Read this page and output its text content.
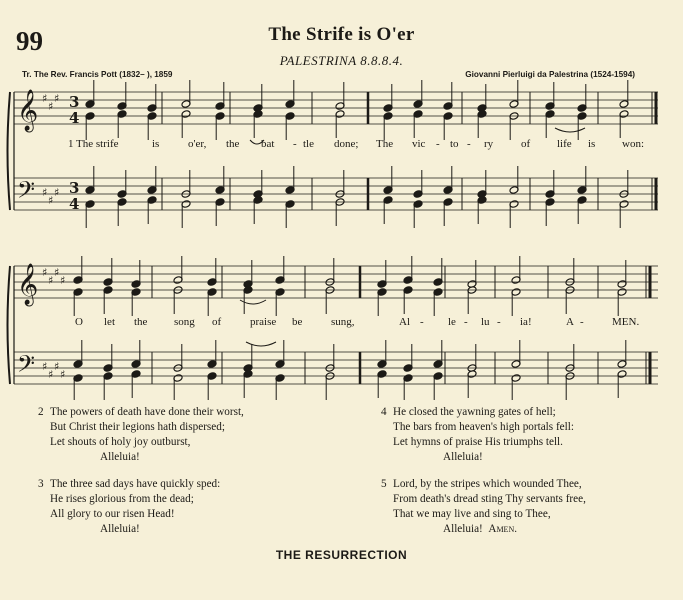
99	The Strife is O'er
PALESTRINA 8.8.8.4.
Tr. The Rev. Francis Pott (1832– ), 1859	Giovanni Pierluigi da Palestrina (1524-1594)
𝄞
𝄢
♯
♯
♯
♯
♯
♯
3
3
4
4
𝄞
𝄢
♯
♯
♯
♯
♯
♯
♯
♯
1 The strife	is	o'er, the bat - tle done; The vic - to - ry	of life is won:
O let the song of	praise be	sung,	Al - le - lu - ia!	A -	MEN.
2 The powers of death have done their worst,
But Christ their legions hath dispersed;
Let shouts of holy joy outburst,
Alleluia!
3 The three sad days have quickly sped:
He rises glorious from the dead;
All glory to our risen Head!
Alleluia!
4 He closed the yawning gates of hell;
The bars from heaven's high portals fell:
Let hymns of praise His triumphs tell.
Alleluia!
5 Lord, by the stripes which wounded Thee,
From death's dread sting Thy servants free,
That we may live and sing to Thee,
Alleluia! Amen.
THE RESURRECTION
